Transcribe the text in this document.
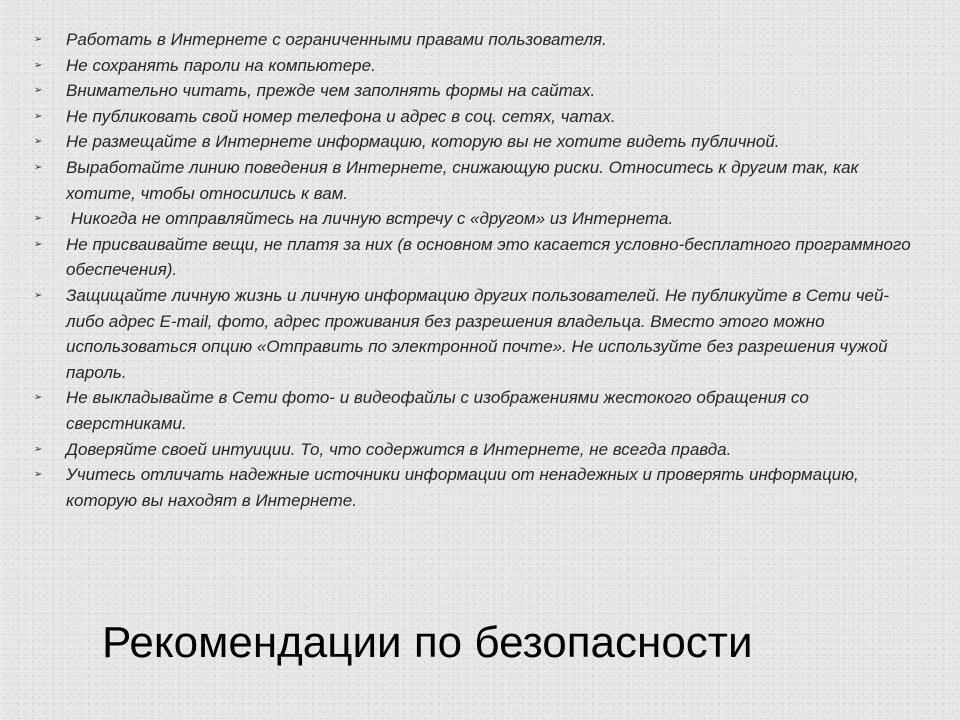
➢ Работать в Интернете с ограниченными правами пользователя.
➢ Не сохранять пароли на компьютере.
➢ Внимательно читать, прежде чем заполнять формы на сайтах.
➢ Не публиковать свой номер телефона и адрес в соц. сетях, чатах.
➢ Не размещайте в Интернете информацию, которую вы не хотите видеть публичной.
➢ Выработайте линию поведения в Интернете, снижающую риски. Относитесь к другим так, как хотите, чтобы относились к вам.
➢ Никогда не отправляйтесь на личную встречу с «другом» из Интернета.
➢ Не присваивайте вещи, не платя за них (в основном это касается условно-бесплатного программного обеспечения).
➢ Защищайте личную жизнь и личную информацию других пользователей. Не публикуйте в Сети чей-либо адрес E-mail, фото, адрес проживания без разрешения владельца. Вместо этого можно использоваться опцию «Отправить по электронной почте». Не используйте без разрешения чужой пароль.
➢ Не выкладывайте в Сети фото- и видеофайлы с изображениями жестокого обращения со сверстниками.
➢ Доверяйте своей интуиции. То, что содержится в Интернете, не всегда правда.
➢ Учитесь отличать надежные источники информации от ненадежных и проверять информацию, которую вы находят в Интернете.
Рекомендации по безопасности
